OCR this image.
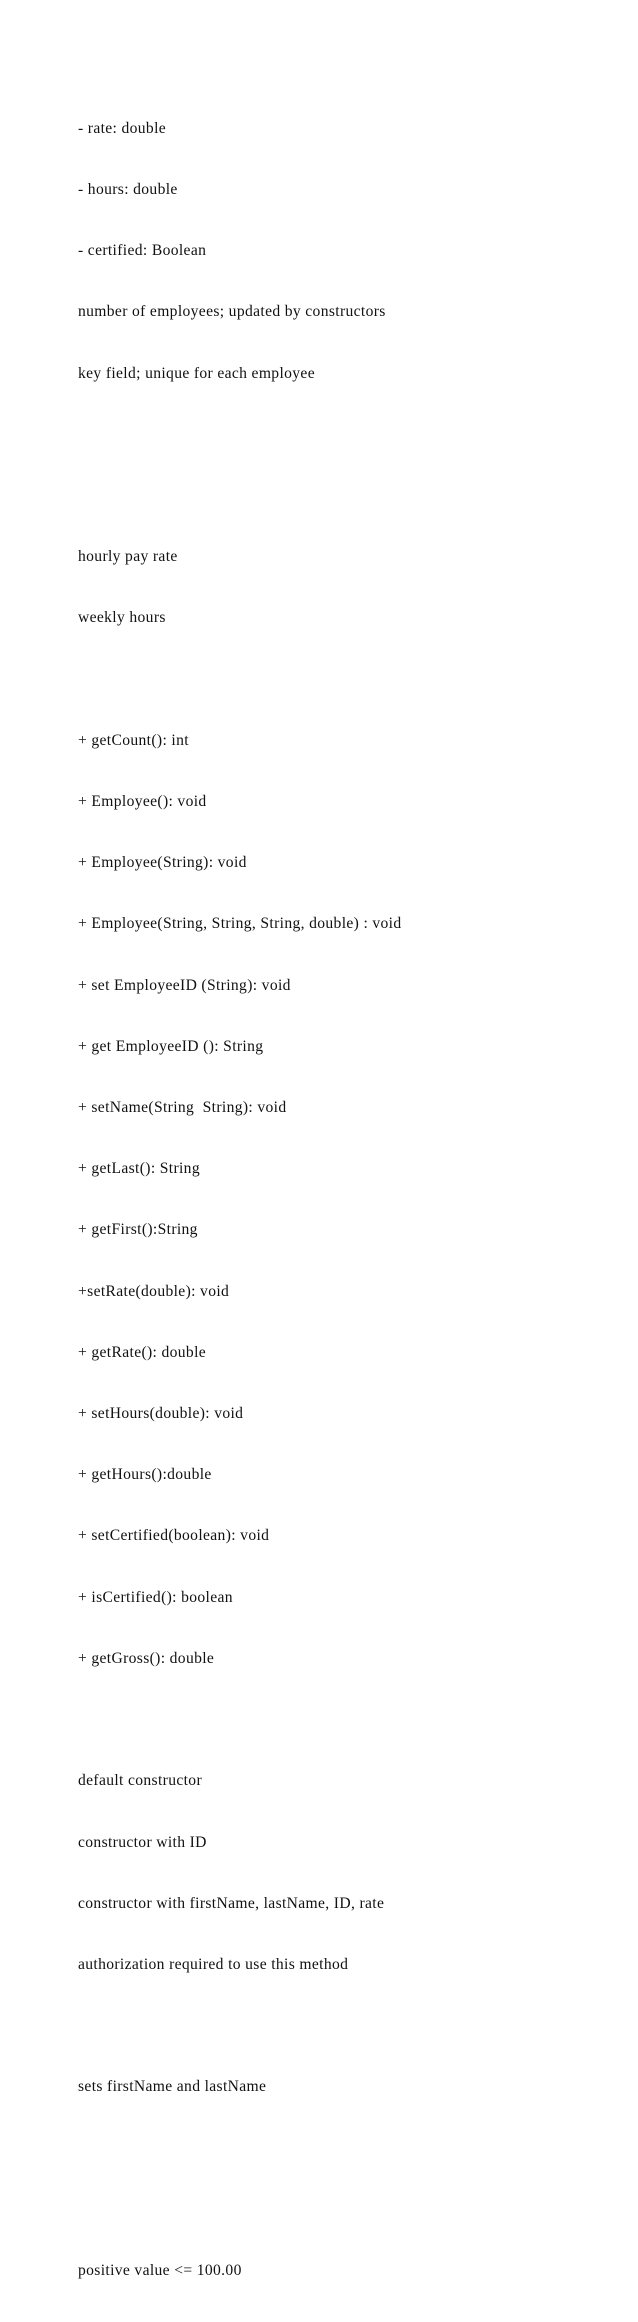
- rate: double

- hours: double

- certified: Boolean

number of employees; updated by constructors

key field; unique for each employee

hourly pay rate

weekly hours

+ getCount(): int

+ Employee(): void

+ Employee(String): void

+ Employee(String, String, String, double) : void

+ set EmployeeID (String): void

+ get EmployeeID (): String

+ setName(String  String): void

+ getLast(): String

+ getFirst():String

+setRate(double): void

+ getRate(): double

+ setHours(double): void

+ getHours():double

+ setCertified(boolean): void

+ isCertified(): boolean

+ getGross(): double

default constructor

constructor with ID

constructor with firstName, lastName, ID, rate

authorization required to use this method

sets firstName and lastName

positive value <= 100.00
